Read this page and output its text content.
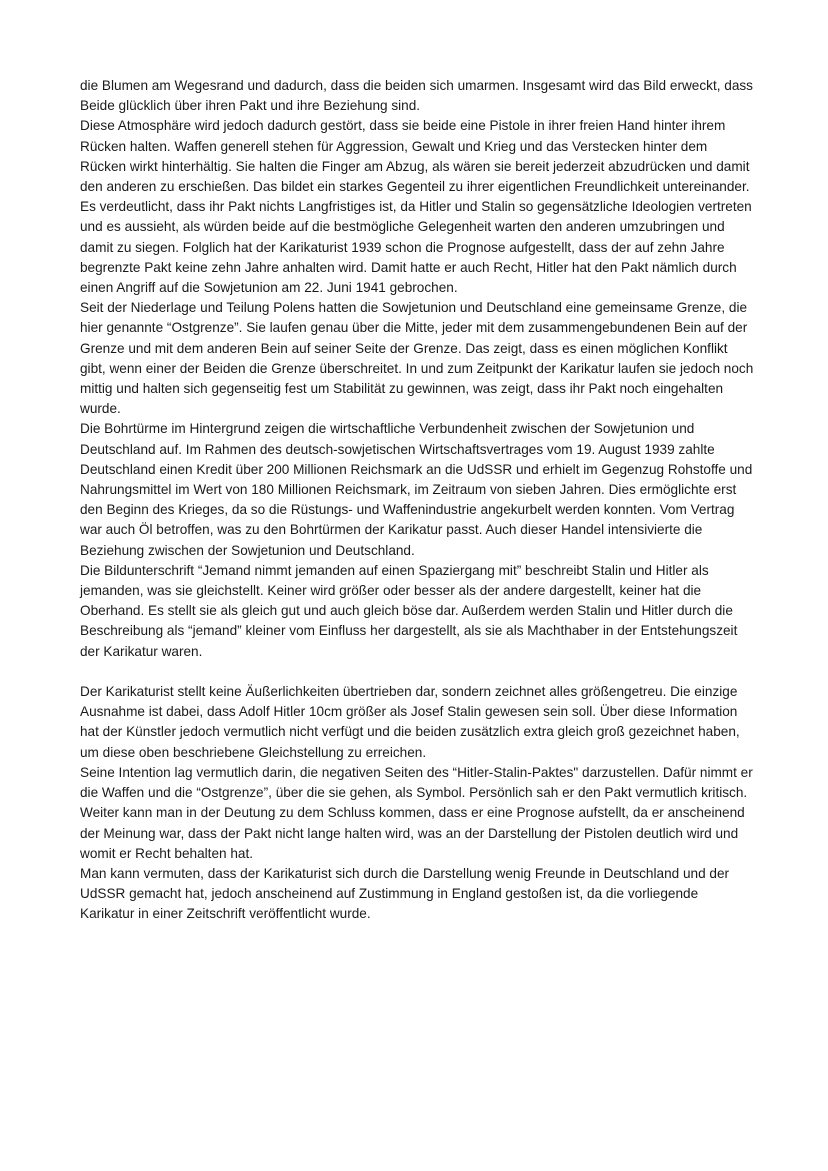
die Blumen am Wegesrand und dadurch, dass die beiden sich umarmen. Insgesamt wird das Bild erweckt, dass Beide glücklich über ihren Pakt und ihre Beziehung sind.

Diese Atmosphäre wird jedoch dadurch gestört, dass sie beide eine Pistole in ihrer freien Hand hinter ihrem Rücken halten. Waffen generell stehen für Aggression, Gewalt und Krieg und das Verstecken hinter dem Rücken wirkt hinterhältig. Sie halten die Finger am Abzug, als wären sie bereit jederzeit abzudrücken und damit den anderen zu erschießen. Das bildet ein starkes Gegenteil zu ihrer eigentlichen Freundlichkeit untereinander. Es verdeutlicht, dass ihr Pakt nichts Langfristiges ist, da Hitler und Stalin so gegensätzliche Ideologien vertreten und es aussieht, als würden beide auf die bestmögliche Gelegenheit warten den anderen umzubringen und damit zu siegen. Folglich hat der Karikaturist 1939 schon die Prognose aufgestellt, dass der auf zehn Jahre begrenzte Pakt keine zehn Jahre anhalten wird. Damit hatte er auch Recht, Hitler hat den Pakt nämlich durch einen Angriff auf die Sowjetunion am 22. Juni 1941 gebrochen.

Seit der Niederlage und Teilung Polens hatten die Sowjetunion und Deutschland eine gemeinsame Grenze, die hier genannte “Ostgrenze”. Sie laufen genau über die Mitte, jeder mit dem zusammengebundenen Bein auf der Grenze und mit dem anderen Bein auf seiner Seite der Grenze. Das zeigt, dass es einen möglichen Konflikt gibt, wenn einer der Beiden die Grenze überschreitet. In und zum Zeitpunkt der Karikatur laufen sie jedoch noch mittig und halten sich gegenseitig fest um Stabilität zu gewinnen, was zeigt, dass ihr Pakt noch eingehalten wurde.

Die Bohrtürme im Hintergrund zeigen die wirtschaftliche Verbundenheit zwischen der Sowjetunion und Deutschland auf. Im Rahmen des deutsch-sowjetischen Wirtschaftsvertrages vom 19. August 1939 zahlte Deutschland einen Kredit über 200 Millionen Reichsmark an die UdSSR und erhielt im Gegenzug Rohstoffe und Nahrungsmittel im Wert von 180 Millionen Reichsmark, im Zeitraum von sieben Jahren. Dies ermöglichte erst den Beginn des Krieges, da so die Rüstungs- und Waffenindustrie angekurbelt werden konnten. Vom Vertrag war auch Öl betroffen, was zu den Bohrtürmen der Karikatur passt. Auch dieser Handel intensivierte die Beziehung zwischen der Sowjetunion und Deutschland.

Die Bildunterschrift “Jemand nimmt jemanden auf einen Spaziergang mit” beschreibt Stalin und Hitler als jemanden, was sie gleichstellt. Keiner wird größer oder besser als der andere dargestellt, keiner hat die Oberhand. Es stellt sie als gleich gut und auch gleich böse dar. Außerdem werden Stalin und Hitler durch die Beschreibung als “jemand” kleiner vom Einfluss her dargestellt, als sie als Machthaber in der Entstehungszeit der Karikatur waren.

Der Karikaturist stellt keine Äußerlichkeiten übertrieben dar, sondern zeichnet alles größengetreu. Die einzige Ausnahme ist dabei, dass Adolf Hitler 10cm größer als Josef Stalin gewesen sein soll. Über diese Information hat der Künstler jedoch vermutlich nicht verfügt und die beiden zusätzlich extra gleich groß gezeichnet haben, um diese oben beschriebene Gleichstellung zu erreichen.

Seine Intention lag vermutlich darin, die negativen Seiten des “Hitler-Stalin-Paktes" darzustellen. Dafür nimmt er die Waffen und die “Ostgrenze”, über die sie gehen, als Symbol. Persönlich sah er den Pakt vermutlich kritisch. Weiter kann man in der Deutung zu dem Schluss kommen, dass er eine Prognose aufstellt, da er anscheinend der Meinung war, dass der Pakt nicht lange halten wird, was an der Darstellung der Pistolen deutlich wird und womit er Recht behalten hat.

Man kann vermuten, dass der Karikaturist sich durch die Darstellung wenig Freunde in Deutschland und der UdSSR gemacht hat, jedoch anscheinend auf Zustimmung in England gestoßen ist, da die vorliegende Karikatur in einer Zeitschrift veröffentlicht wurde.
